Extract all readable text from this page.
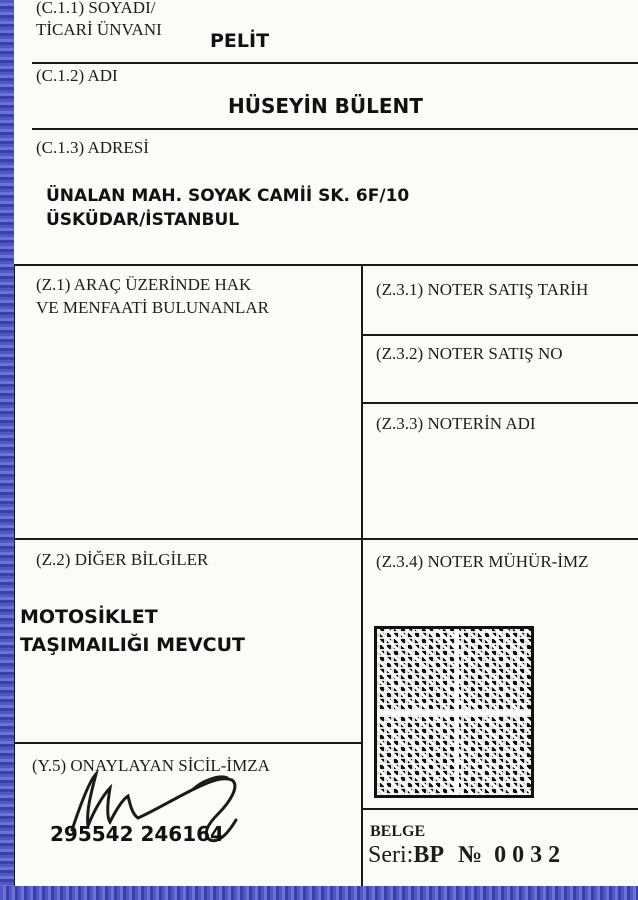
(C.1.1) SOYADI/
TİCARİ ÜNVANI
PELİT
(C.1.2) ADI
HÜSEYİN BÜLENT
(C.1.3) ADRESİ
ÜNALAN MAH. SOYAK CAMİİ SK. 6F/10
ÜSKÜDAR/İSTANBUL
(Z.1) ARAÇ ÜZERİNDE HAK
VE MENFAATİ BULUNANLAR
(Z.3.1) NOTER SATIŞ TARİH
(Z.3.2) NOTER SATIŞ NO
(Z.3.3) NOTERİN ADI
(Z.2) DİĞER BİLGİLER
MOTOSİKLET
TAŞIMAILIĞI MEVCUT
(Z.3.4) NOTER MÜHÜR-İMZ
(Y.5) ONAYLAYAN SİCİL-İMZA
295542 246164	BELGE
Seri:BP № 0032
